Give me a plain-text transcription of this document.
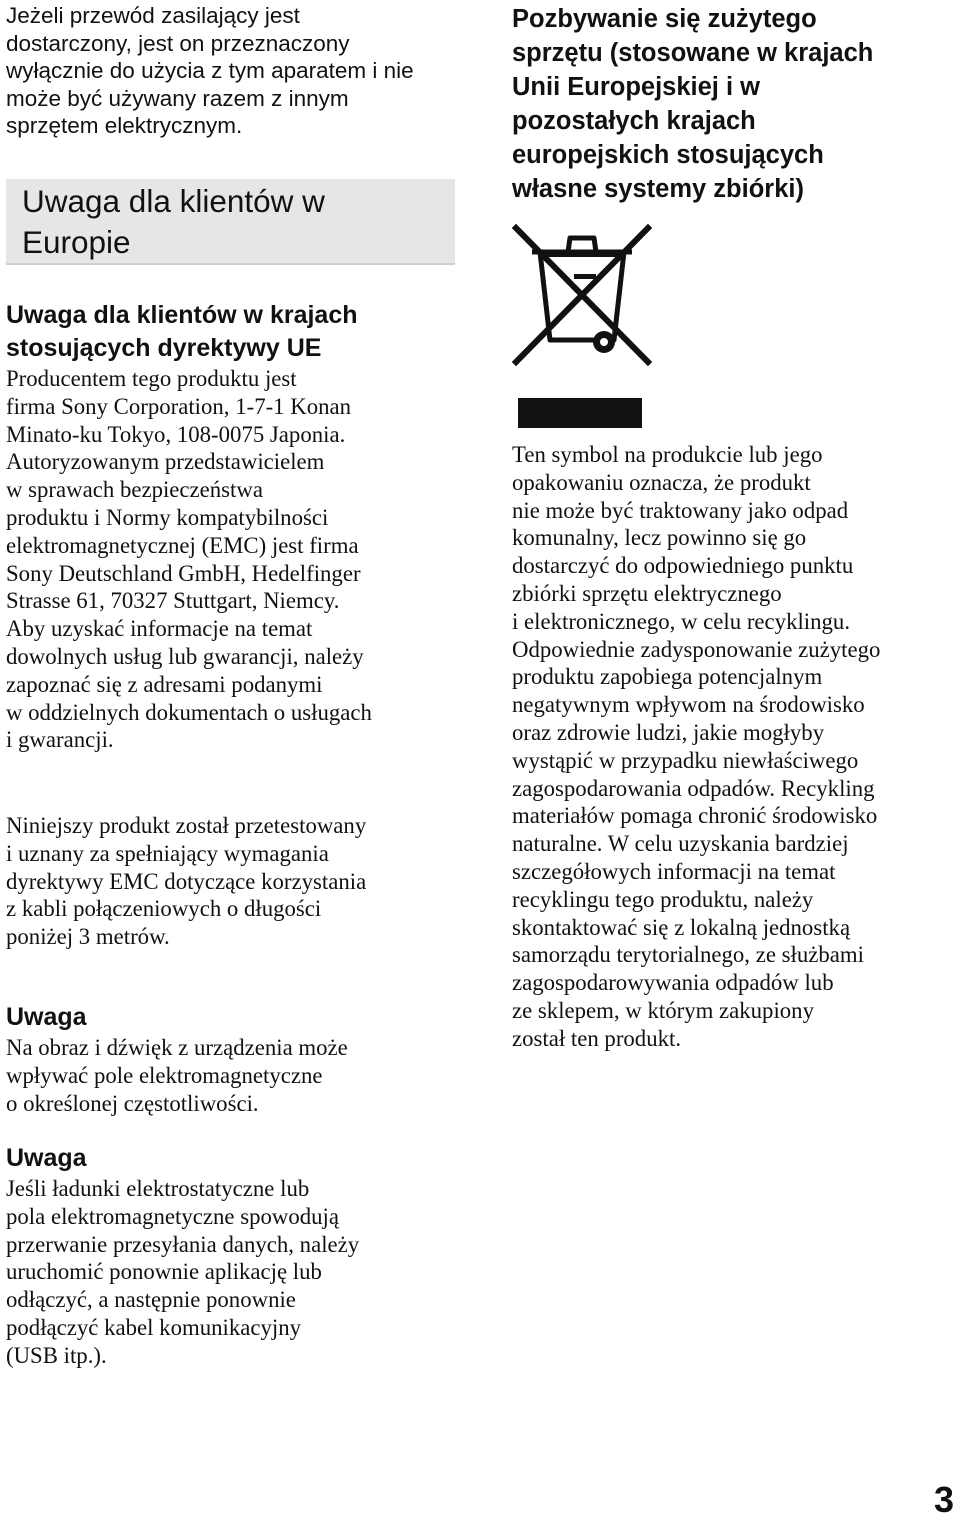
Jeżeli przewód zasilający jest
dostarczony, jest on przeznaczony
wyłącznie do użycia z tym aparatem i nie
może być używany razem z innym
sprzętem elektrycznym.
Uwaga dla klientów w
Europie
Uwaga dla klientów w krajach
stosujących dyrektywy UE
Producentem tego produktu jest
firma Sony Corporation, 1-7-1 Konan
Minato-ku Tokyo, 108-0075 Japonia.
Autoryzowanym przedstawicielem
w sprawach bezpieczeństwa
produktu i Normy kompatybilności
elektromagnetycznej (EMC) jest firma
Sony Deutschland GmbH, Hedelfinger
Strasse 61, 70327 Stuttgart, Niemcy.
Aby uzyskać informacje na temat
dowolnych usług lub gwarancji, należy
zapoznać się z adresami podanymi
w oddzielnych dokumentach o usługach
i gwarancji.
Niniejszy produkt został przetestowany
i uznany za spełniający wymagania
dyrektywy EMC dotyczące korzystania
z kabli połączeniowych o długości
poniżej 3 metrów.
Uwaga
Na obraz i dźwięk z urządzenia może
wpływać pole elektromagnetyczne
o określonej częstotliwości.
Uwaga
Jeśli ładunki elektrostatyczne lub
pola elektromagnetyczne spowodują
przerwanie przesyłania danych, należy
uruchomić ponownie aplikację lub
odłączyć, a następnie ponownie
podłączyć kabel komunikacyjny
(USB itp.).
Pozbywanie się zużytego
sprzętu (stosowane w krajach
Unii Europejskiej i w
pozostałych krajach
europejskich stosujących
własne systemy zbiórki)
Ten symbol na produkcie lub jego
opakowaniu oznacza, że produkt
nie może być traktowany jako odpad
komunalny, lecz powinno się go
dostarczyć do odpowiedniego punktu
zbiórki sprzętu elektrycznego
i elektronicznego, w celu recyklingu.
Odpowiednie zadysponowanie zużytego
produktu zapobiega potencjalnym
negatywnym wpływom na środowisko
oraz zdrowie ludzi, jakie mogłyby
wystąpić w przypadku niewłaściwego
zagospodarowania odpadów. Recykling
materiałów pomaga chronić środowisko
naturalne. W celu uzyskania bardziej
szczegółowych informacji na temat
recyklingu tego produktu, należy
skontaktować się z lokalną jednostką
samorządu terytorialnego, ze służbami
zagospodarowywania odpadów lub
ze sklepem, w którym zakupiony
został ten produkt.
3
